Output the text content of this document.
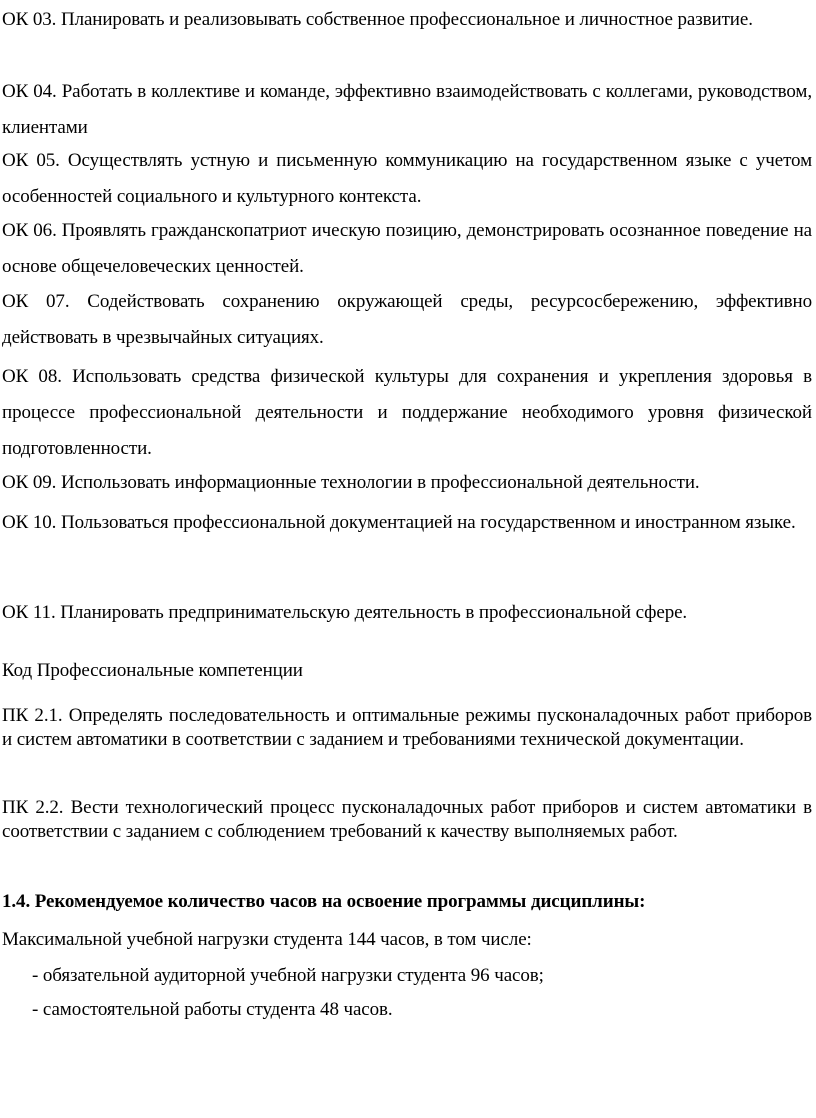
ОК 03. Планировать и реализовывать собственное профессиональное и личностное развитие.

ОК 04. Работать в коллективе и команде, эффективно взаимодействовать с коллегами, руководством, клиентами

ОК 05. Осуществлять устную и письменную коммуникацию на государственном языке с учетом особенностей социального и культурного контекста.

ОК 06. Проявлять гражданскопатриот ическую позицию, демонстрировать осознанное поведение на основе общечеловеческих ценностей.

ОК 07. Содействовать сохранению окружающей среды, ресурсосбережению, эффективно действовать в чрезвычайных ситуациях.

ОК 08. Использовать средства физической культуры для сохранения и укрепления здоровья в процессе профессиональной деятельности и поддержание необходимого уровня физической подготовленности.

ОК 09. Использовать информационные технологии в профессиональной деятельности.

ОК 10. Пользоваться профессиональной документацией на государственном и иностранном языке.

ОК 11. Планировать предпринимательскую деятельность в профессиональной сфере.

Код Профессиональные компетенции

ПК 2.1. Определять последовательность и оптимальные режимы пусконаладочных работ приборов и систем автоматики в соответствии с заданием и требованиями технической документации.

ПК 2.2. Вести технологический процесс пусконаладочных работ приборов и систем автоматики в соответствии с заданием с соблюдением требований к качеству выполняемых работ.

1.4. Рекомендуемое количество часов на освоение программы дисциплины:

Максимальной учебной нагрузки студента 144 часов, в том числе:

- обязательной аудиторной учебной нагрузки студента 96 часов;

- самостоятельной работы студента 48 часов.
